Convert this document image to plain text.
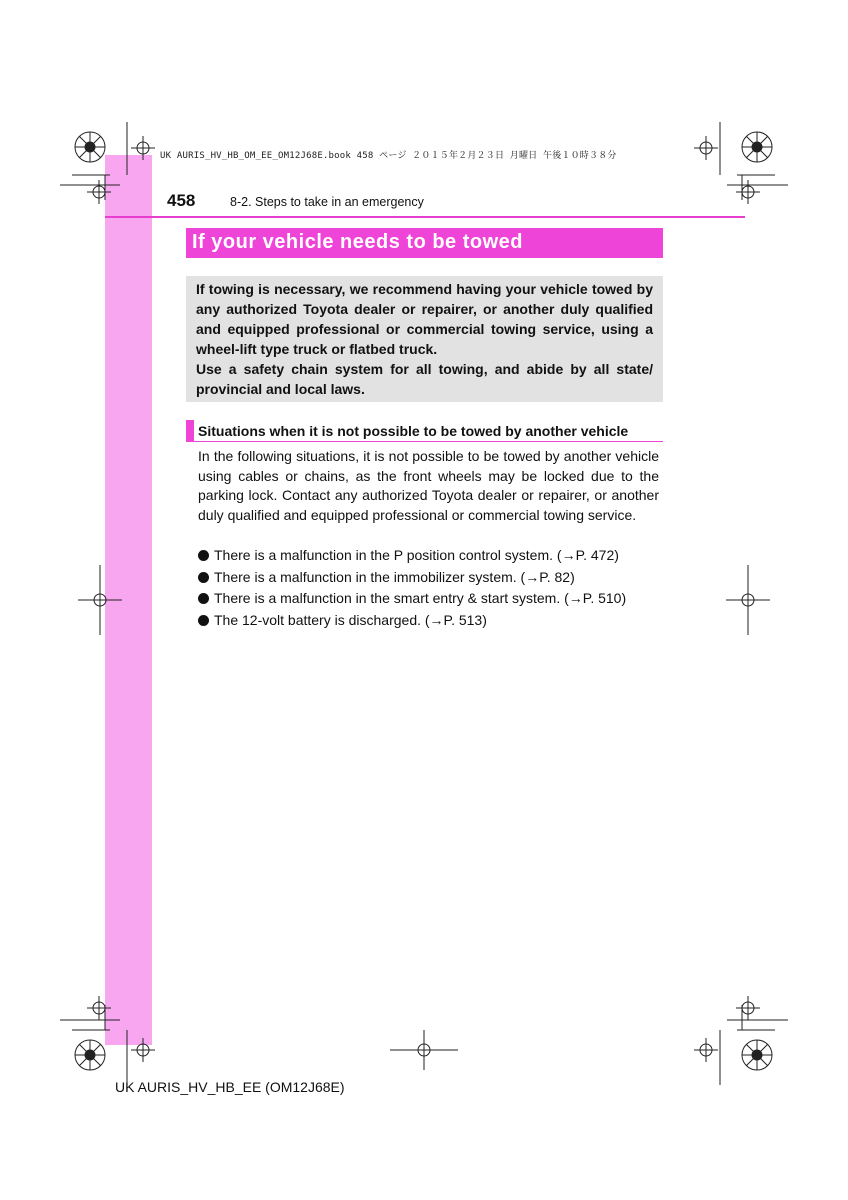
UK AURIS_HV_HB_OM_EE_OM12J68E.book 458 ページ ２０１５年２月２３日 月曜日 午後１０時３８分
458	8-2. Steps to take in an emergency
If your vehicle needs to be towed

If towing is necessary, we recommend having your vehicle towed by any authorized Toyota dealer or repairer, or another duly qualified and equipped professional or commercial towing service, using a wheel-lift type truck or flatbed truck.

Use a safety chain system for all towing, and abide by all state/ provincial and local laws.

Situations when it is not possible to be towed by another vehicle

In the following situations, it is not possible to be towed by another vehicle using cables or chains, as the front wheels may be locked due to the parking lock. Contact any authorized Toyota dealer or repairer, or another duly qualified and equipped professional or commercial towing service.

There is a malfunction in the P position control system. (→P. 472)
There is a malfunction in the immobilizer system. (→P. 82)
There is a malfunction in the smart entry & start system. (→P. 510)
The 12-volt battery is discharged. (→P. 513)
UK AURIS_HV_HB_EE (OM12J68E)
